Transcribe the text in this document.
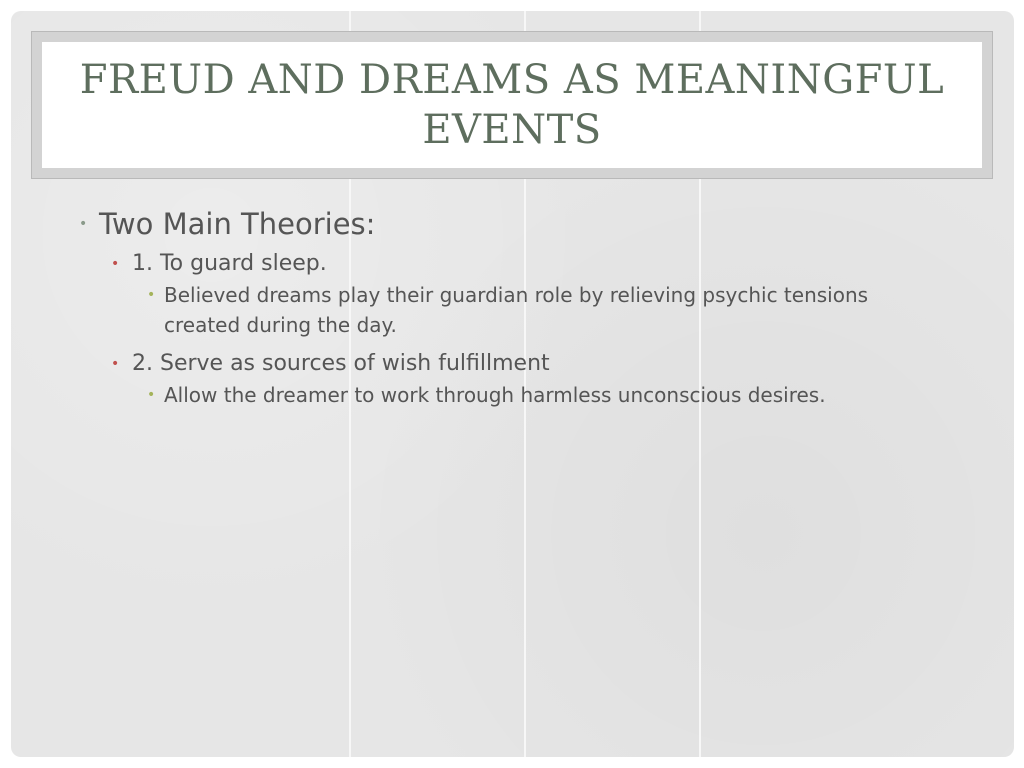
FREUD AND DREAMS AS MEANINGFUL EVENTS
• Two Main Theories:
• 1. To guard sleep.
• Believed dreams play their guardian role by relieving psychic tensions created during the day.
• 2. Serve as sources of wish fulfillment
• Allow the dreamer to work through harmless unconscious desires.
